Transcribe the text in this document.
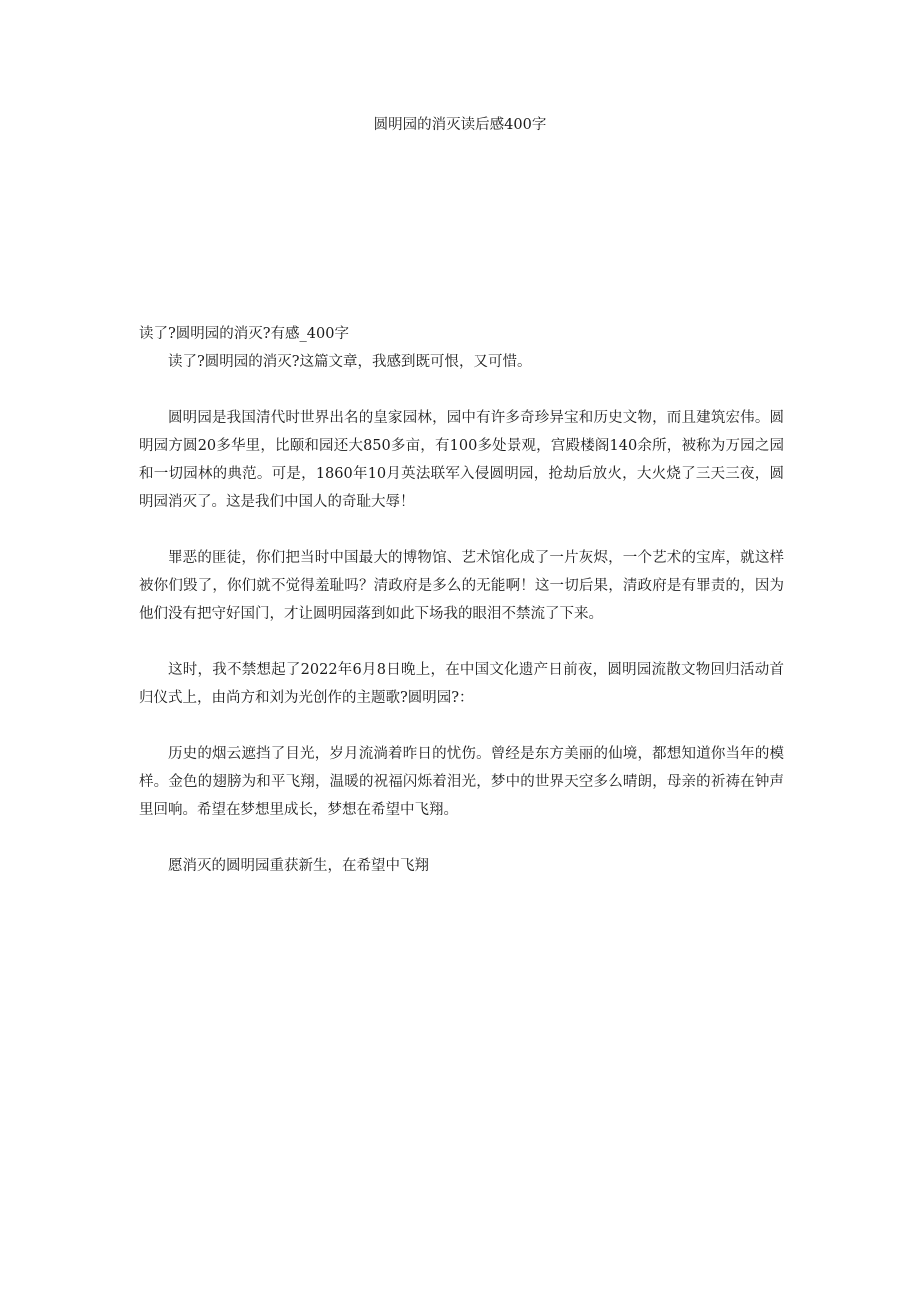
圆明园的消灭读后感400字
读了?圆明园的消灭?有感_400字

读了?圆明园的消灭?这篇文章，我感到既可恨，又可惜。

圆明园是我国清代时世界出名的皇家园林，园中有许多奇珍异宝和历史文物，而且建筑宏伟。圆明园方圆20多华里，比颐和园还大850多亩，有100多处景观，宫殿楼阁140余所，被称为万园之园和一切园林的典范。可是，1860年10月英法联军入侵圆明园，抢劫后放火，大火烧了三天三夜，圆明园消灭了。这是我们中国人的奇耻大辱！

罪恶的匪徒，你们把当时中国最大的博物馆、艺术馆化成了一片灰烬，一个艺术的宝库，就这样被你们毁了，你们就不觉得羞耻吗？清政府是多么的无能啊！这一切后果，清政府是有罪责的，因为他们没有把守好国门，才让圆明园落到如此下场我的眼泪不禁流了下来。

这时，我不禁想起了2022年6月8日晚上，在中国文化遗产日前夜，圆明园流散文物回归活动首归仪式上，由尚方和刘为光创作的主题歌?圆明园?：

历史的烟云遮挡了目光，岁月流淌着昨日的忧伤。曾经是东方美丽的仙境，都想知道你当年的模样。金色的翅膀为和平飞翔，温暖的祝福闪烁着泪光，梦中的世界天空多么晴朗，母亲的祈祷在钟声里回响。希望在梦想里成长，梦想在希望中飞翔。

愿消灭的圆明园重获新生，在希望中飞翔
